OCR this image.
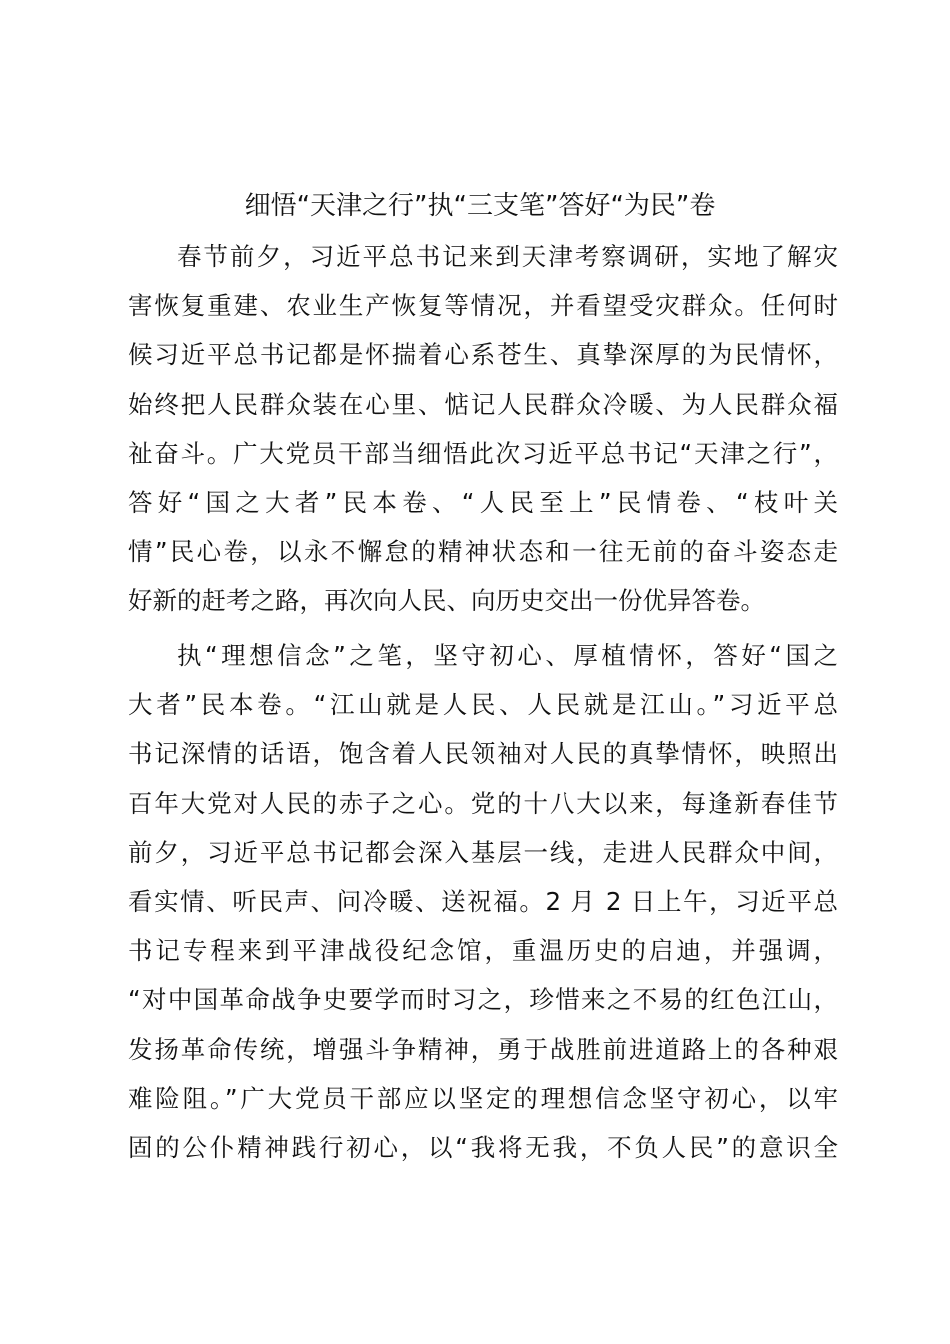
细悟“天津之行”执“三支笔”答好“为民”卷
春节前夕，习近平总书记来到天津考察调研，实地了解灾
害恢复重建、农业生产恢复等情况，并看望受灾群众。任何时
候习近平总书记都是怀揣着心系苍生、真挚深厚的为民情怀，
始终把人民群众装在心里、惦记人民群众冷暖、为人民群众福
祉奋斗。广大党员干部当细悟此次习近平总书记“天津之行”，
答好“国之大者”民本卷、“人民至上”民情卷、“枝叶关
情”民心卷，以永不懈怠的精神状态和一往无前的奋斗姿态走
好新的赶考之路，再次向人民、向历史交出一份优异答卷。
执“理想信念”之笔，坚守初心、厚植情怀，答好“国之
大者”民本卷。“江山就是人民、人民就是江山。”习近平总
书记深情的话语，饱含着人民领袖对人民的真挚情怀，映照出
百年大党对人民的赤子之心。党的十八大以来，每逢新春佳节
前夕，习近平总书记都会深入基层一线，走进人民群众中间，
看实情、听民声、问冷暖、送祝福。2 月 2 日上午，习近平总
书记专程来到平津战役纪念馆，重温历史的启迪，并强调，
“对中国革命战争史要学而时习之，珍惜来之不易的红色江山，
发扬革命传统，增强斗争精神，勇于战胜前进道路上的各种艰
难险阻。”广大党员干部应以坚定的理想信念坚守初心，以牢
固的公仆精神践行初心，以“我将无我，不负人民”的意识全
